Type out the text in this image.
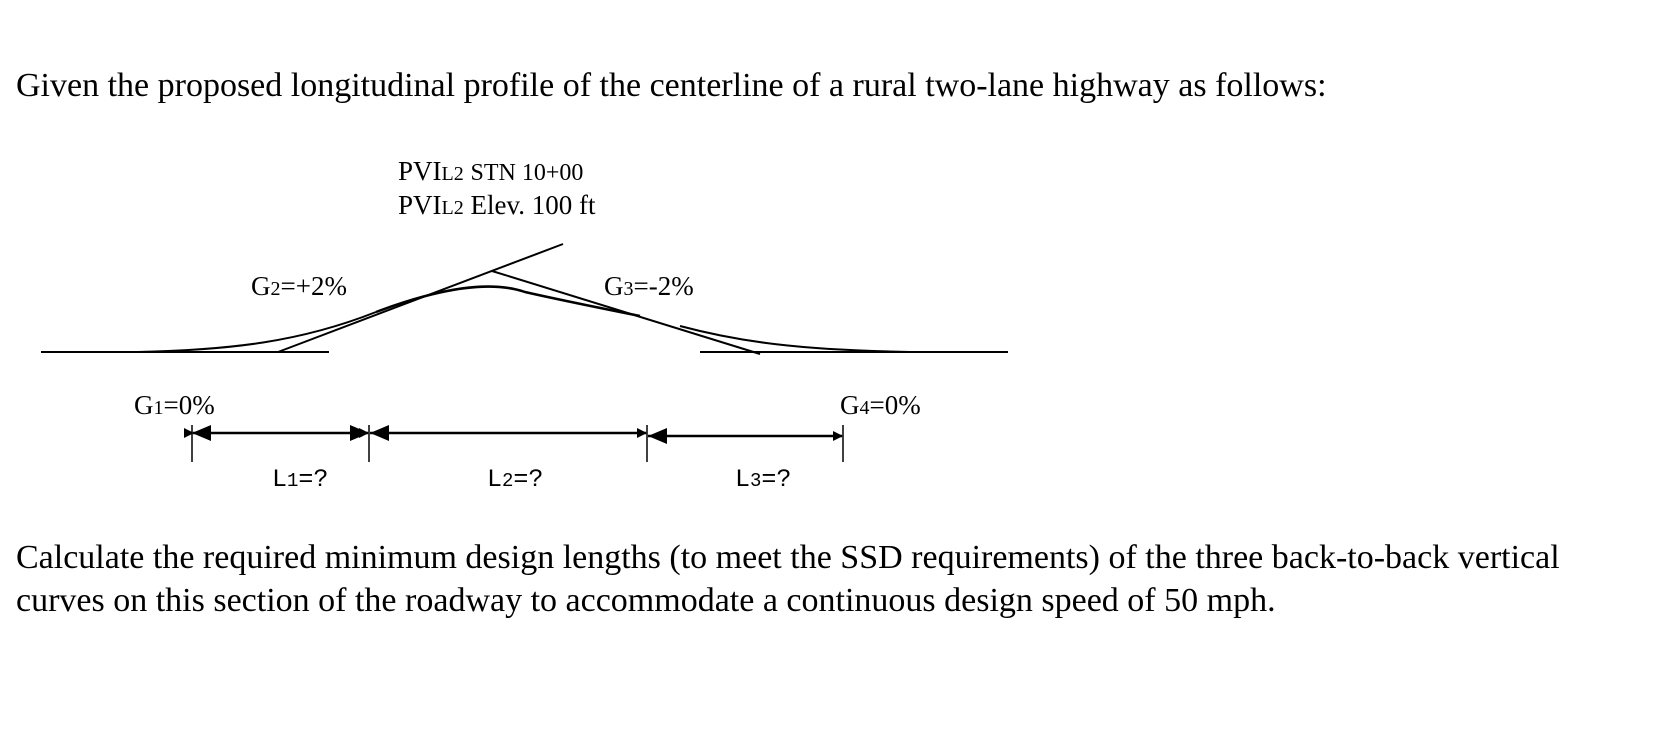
Given the proposed longitudinal profile of the centerline of a rural two-lane highway as follows:

PVIL2 STN 10+00
PVIL2 Elev. 100 ft
G2=+2%	G3=-2%
G1=0%	G4=0%
L1=?	L2=?	L3=?

Calculate the required minimum design lengths (to meet the SSD requirements) of the three back-to-back vertical curves on this section of the roadway to accommodate a continuous design speed of 50 mph.
